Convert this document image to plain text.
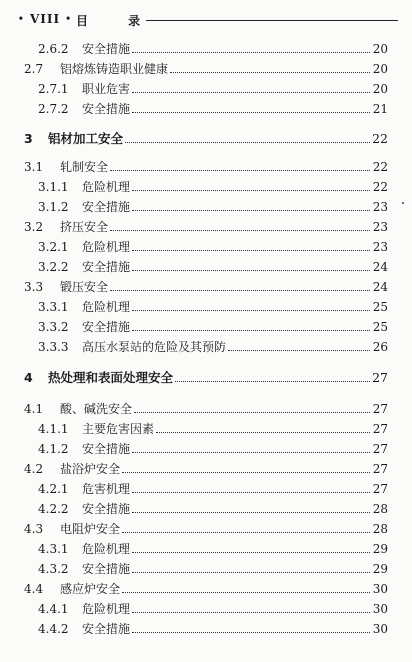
• VIII • 目 录
2.6.2 安全措施	20
2.7	铝熔炼铸造职业健康	20
2.7.1 职业危害	20
2.7.2 安全措施	21
3	铝材加工安全	22
3.1	轧制安全	22
3.1.1 危险机理	22
3.1.2 安全措施	23
3.2	挤压安全	23
3.2.1 危险机理	23
3.2.2 安全措施	24
3.3	锻压安全	24
3.3.1 危险机理	25
3.3.2 安全措施	25
3.3.3 高压水泵站的危险及其预防	26
4	热处理和表面处理安全	27
4.1	酸、碱洗安全	27
4.1.1 主要危害因素	27
4.1.2 安全措施	27
4.2	盐浴炉安全	27
4.2.1 危害机理	27
4.2.2 安全措施	28
4.3	电阻炉安全	28
4.3.1 危险机理	29
4.3.2 安全措施	29
4.4	感应炉安全	30
4.4.1 危险机理	30
4.4.2 安全措施	30
